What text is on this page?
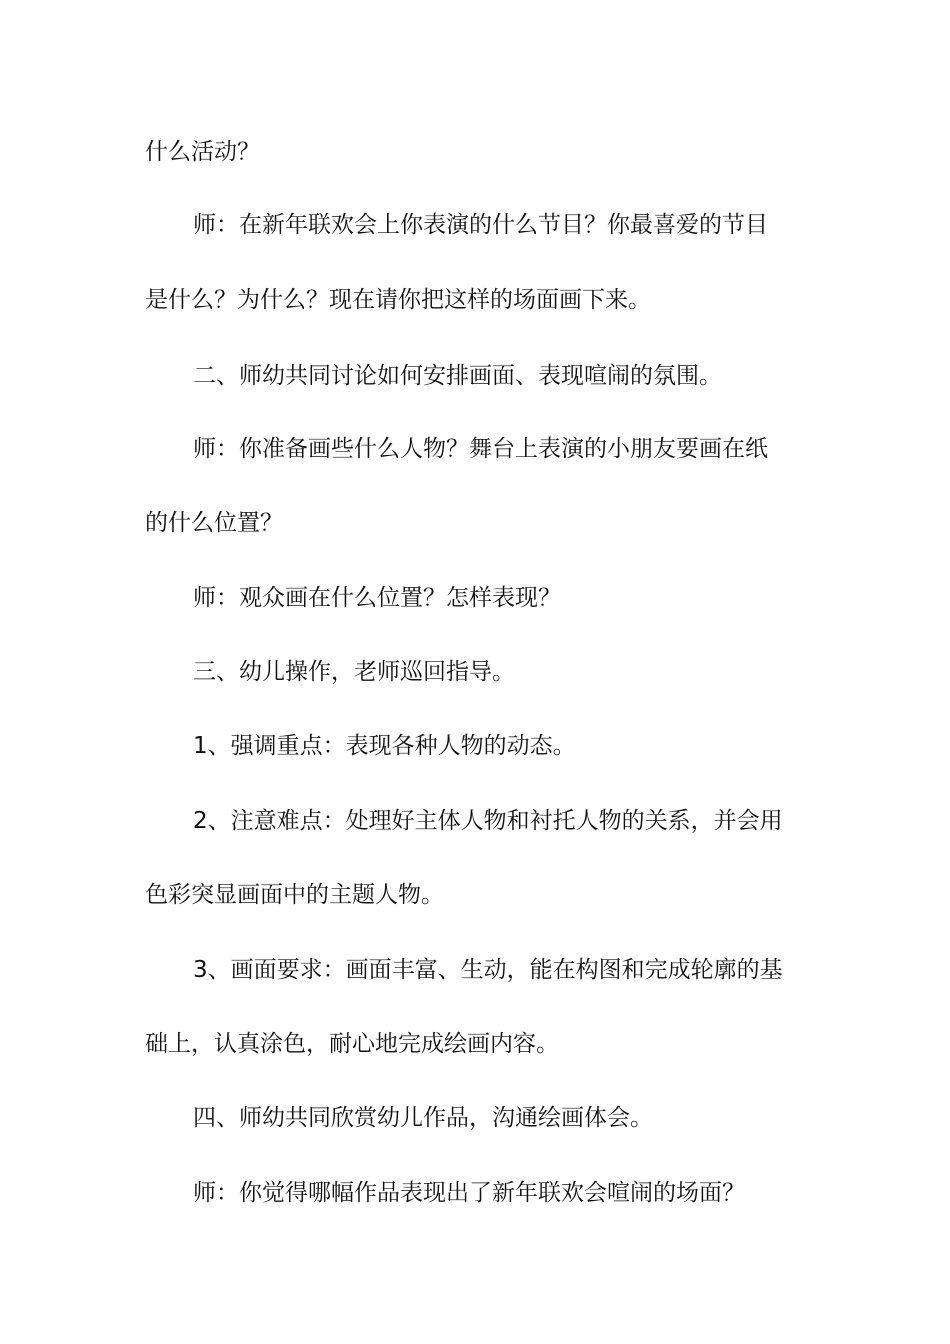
什么活动？
师：在新年联欢会上你表演的什么节目？你最喜爱的节目
是什么？为什么？现在请你把这样的场面画下来。
二、师幼共同讨论如何安排画面、表现喧闹的氛围。
师：你准备画些什么人物？舞台上表演的小朋友要画在纸
的什么位置？
师：观众画在什么位置？怎样表现？
三、幼儿操作，老师巡回指导。
1、强调重点：表现各种人物的动态。
2、注意难点：处理好主体人物和衬托人物的关系，并会用
色彩突显画面中的主题人物。
3、画面要求：画面丰富、生动，能在构图和完成轮廓的基
础上，认真涂色，耐心地完成绘画内容。
四、师幼共同欣赏幼儿作品，沟通绘画体会。
师：你觉得哪幅作品表现出了新年联欢会喧闹的场面？
